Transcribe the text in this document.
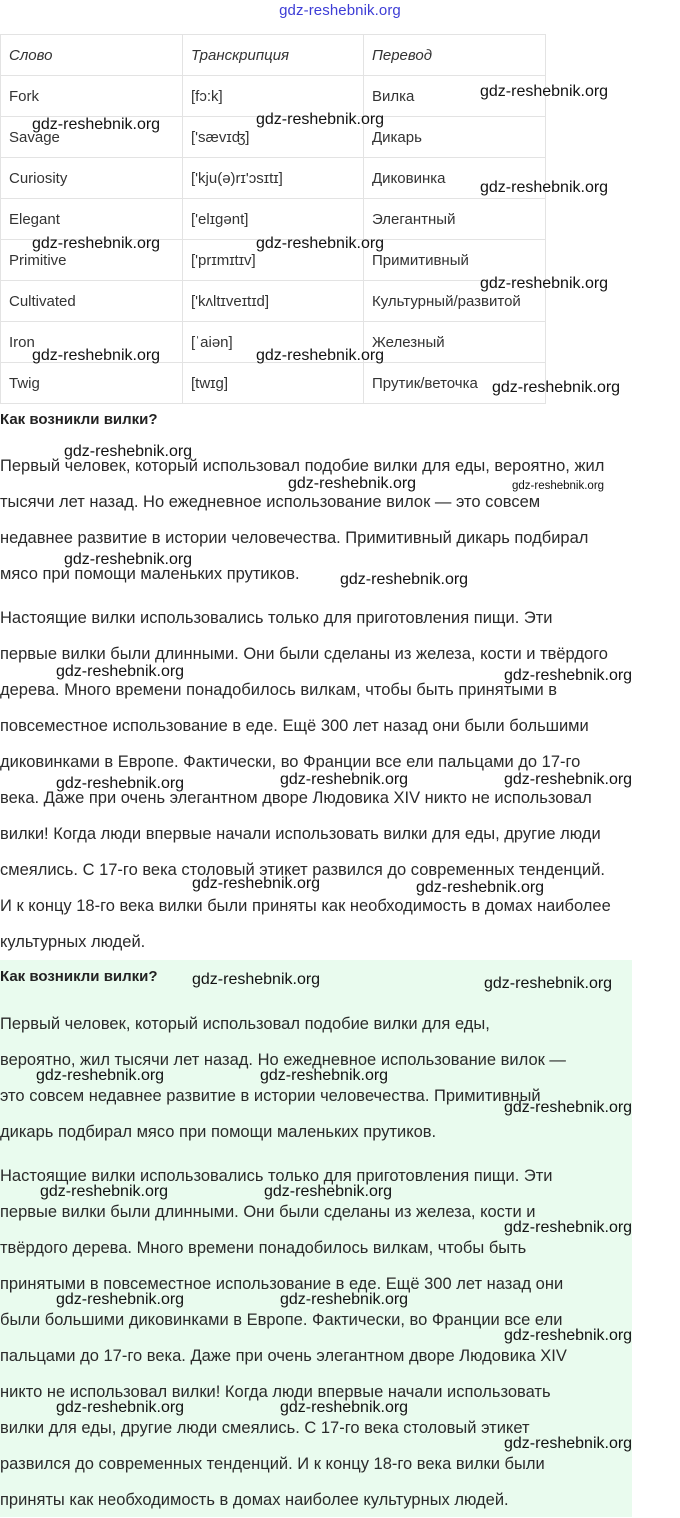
gdz-reshebnik.org
Слово	Транскрипция	Перевод
Fork	[fɔ:k]	Вилка
Savage	['sævɪʤ]	Дикарь
Curiosity	['kju(ə)rɪ'ɔsɪtɪ]	Диковинка
Elegant	['elɪgənt]	Элегантный
Primitive	['prɪmɪtɪv]	Примитивный
Cultivated	['kʌltɪveɪtɪd]	Культурный/развитой
Iron	[ˈaiən]	Железный
Twig	[twɪg]	Прутик/веточка
Как возникли вилки?
Первый человек, который использовал подобие вилки для еды, вероятно, жил
тысячи лет назад. Но ежедневное использование вилок — это совсем
недавнее развитие в истории человечества. Примитивный дикарь подбирал
мясо при помощи маленьких прутиков.
Настоящие вилки использовались только для приготовления пищи. Эти
первые вилки были длинными. Они были сделаны из железа, кости и твёрдого
дерева. Много времени понадобилось вилкам, чтобы быть принятыми в
повсеместное использование в еде. Ещё 300 лет назад они были большими
диковинками в Европе. Фактически, во Франции все ели пальцами до 17-го
века. Даже при очень элегантном дворе Людовика XIV никто не использовал
вилки! Когда люди впервые начали использовать вилки для еды, другие люди
смеялись. С 17-го века столовый этикет развился до современных тенденций.
И к концу 18-го века вилки были приняты как необходимость в домах наиболее
культурных людей.
Как возникли вилки?
Первый человек, который использовал подобие вилки для еды,
вероятно, жил тысячи лет назад. Но ежедневное использование вилок —
это совсем недавнее развитие в истории человечества. Примитивный
дикарь подбирал мясо при помощи маленьких прутиков.
Настоящие вилки использовались только для приготовления пищи. Эти
первые вилки были длинными. Они были сделаны из железа, кости и
твёрдого дерева. Много времени понадобилось вилкам, чтобы быть
принятыми в повсеместное использование в еде. Ещё 300 лет назад они
были большими диковинками в Европе. Фактически, во Франции все ели
пальцами до 17-го века. Даже при очень элегантном дворе Людовика XIV
никто не использовал вилки! Когда люди впервые начали использовать
вилки для еды, другие люди смеялись. С 17-го века столовый этикет
развился до современных тенденций. И к концу 18-го века вилки были
приняты как необходимость в домах наиболее культурных людей.
gdz-reshebnik.org
gdz-reshebnik.org
gdz-reshebnik.org
gdz-reshebnik.org
gdz-reshebnik.org	gdz-reshebnik.org
gdz-reshebnik.org
gdz-reshebnik.org	gdz-reshebnik.org
gdz-reshebnik.org
gdz-reshebnik.org
gdz-reshebnik.org	gdz-reshebnik.org
gdz-reshebnik.org
gdz-reshebnik.org
gdz-reshebnik.org	gdz-reshebnik.org
gdz-reshebnik.org	gdz-reshebnik.org	gdz-reshebnik.org
gdz-reshebnik.org	gdz-reshebnik.org
gdz-reshebnik.org	gdz-reshebnik.org
gdz-reshebnik.org	gdz-reshebnik.org
gdz-reshebnik.org
gdz-reshebnik.org	gdz-reshebnik.org
gdz-reshebnik.org
gdz-reshebnik.org	gdz-reshebnik.org
gdz-reshebnik.org
gdz-reshebnik.org	gdz-reshebnik.org
gdz-reshebnik.org
